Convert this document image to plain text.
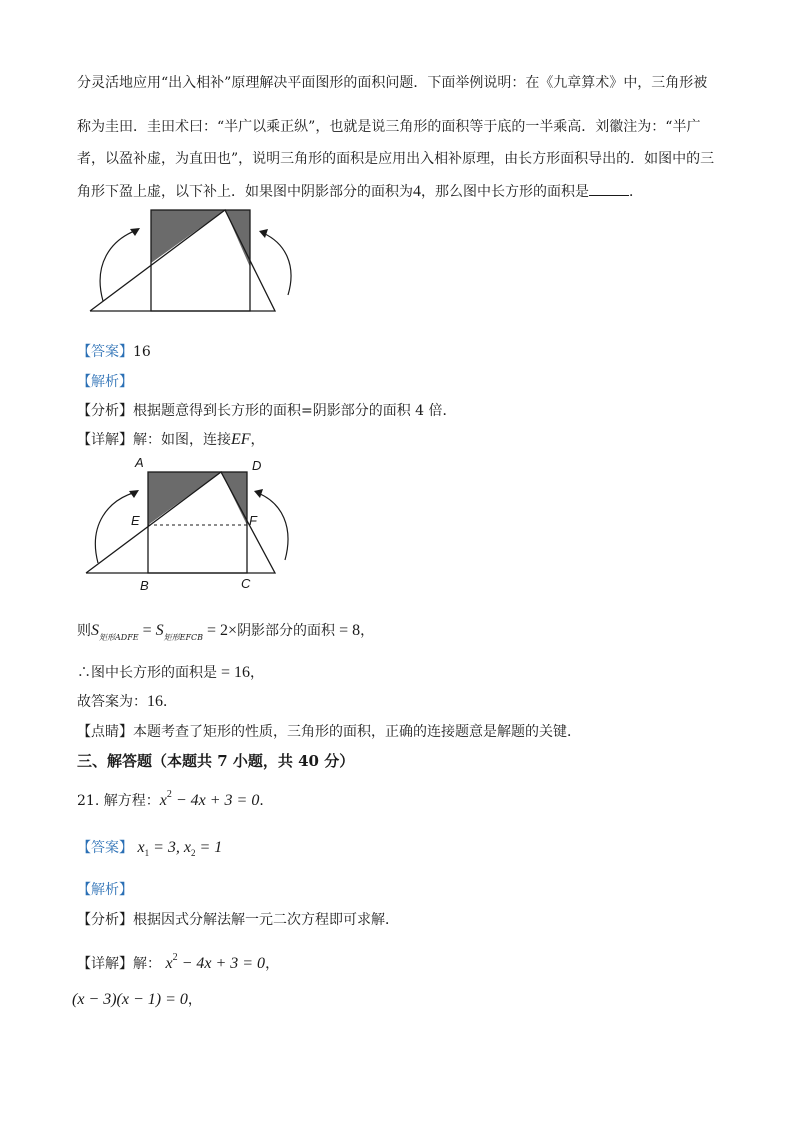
分灵活地应用“出入相补”原理解决平面图形的面积问题．下面举例说明：在《九章算术》中，三角形被
称为圭田．圭田术曰：“半广以乘正纵”，也就是说三角形的面积等于底的一半乘高．刘徽注为：“半广
者，以盈补虚，为直田也”，说明三角形的面积是应用出入相补原理，由长方形面积导出的．如图中的三
角形下盈上虚，以下补上．如果图中阴影部分的面积为4，那么图中长方形的面积是	．
【答案】16
【解析】
【分析】根据题意得到长方形的面积=阴影部分的面积 4 倍．
【详解】解：如图，连接EF，
A	D
E	F
B	C
则$S_{矩形ADFE} = S_{矩形EFCB} = 2\times$阴影部分的面积 = 8，
∴图中长方形的面积是 = 16，
故答案为：16．
【点睛】本题考查了矩形的性质，三角形的面积，正确的连接题意是解题的关键．
三、解答题（本题共 7 小题，共 40 分）
21. 解方程：$x^2 - 4x + 3 = 0$．
【答案】 $x_1 = 3$, $x_2 = 1$
【解析】
【分析】根据因式分解法解一元二次方程即可求解．
【详解】解： $x^2 - 4x + 3 = 0$，
(x − 3)(x − 1) = 0，
